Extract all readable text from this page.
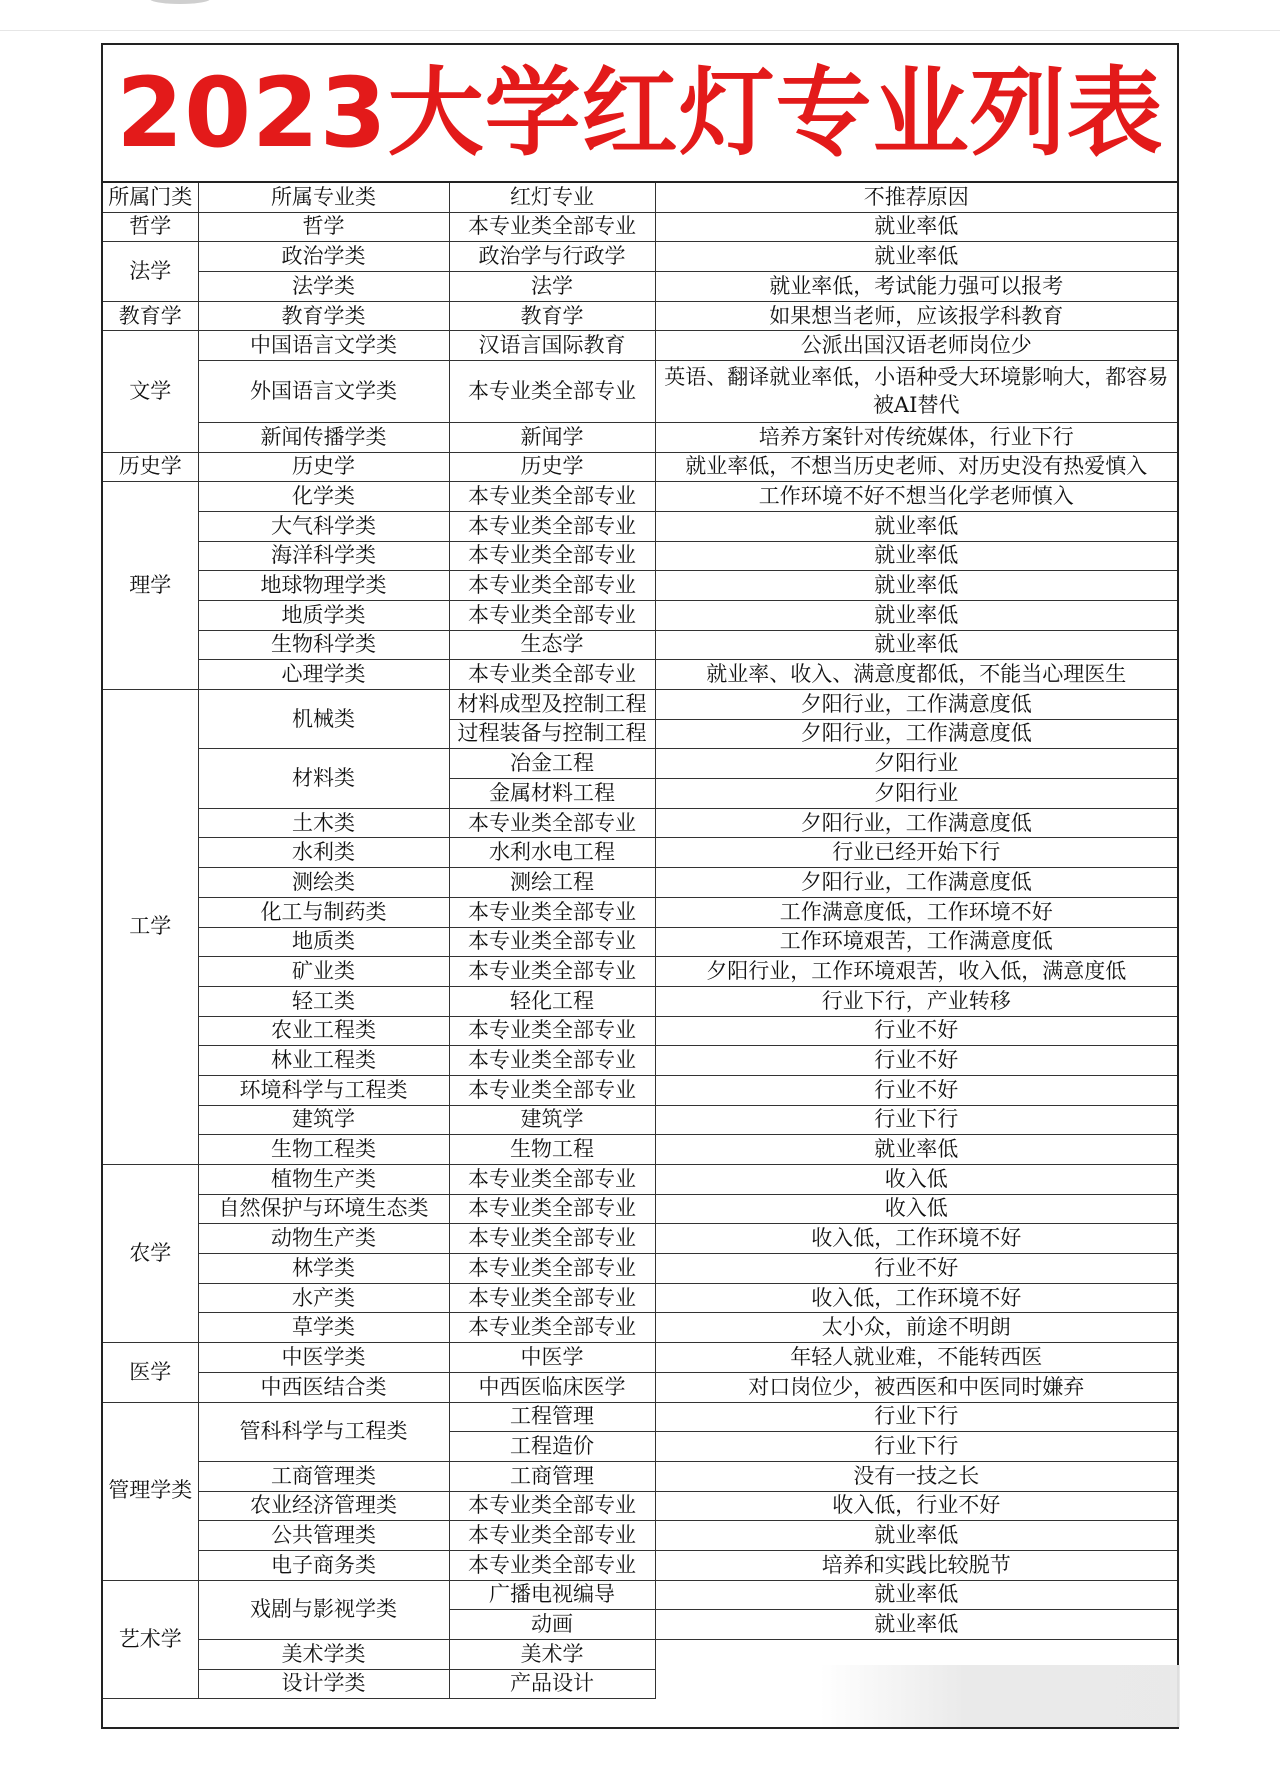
2023大学红灯专业列表
所属门类	所属专业类	红灯专业	不推荐原因
哲学	哲学	本专业类全部专业	就业率低
法学	政治学类	政治学与行政学	就业率低
	法学类	法学	就业率低，考试能力强可以报考
教育学	教育学类	教育学	如果想当老师，应该报学科教育
文学	中国语言文学类	汉语言国际教育	公派出国汉语老师岗位少
	外国语言文学类	本专业类全部专业	英语、翻译就业率低，小语种受大环境影响大，都容易被AI替代
	新闻传播学类	新闻学	培养方案针对传统媒体，行业下行
历史学	历史学	历史学	就业率低，不想当历史老师、对历史没有热爱慎入
理学	化学类	本专业类全部专业	工作环境不好不想当化学老师慎入
	大气科学类	本专业类全部专业	就业率低
	海洋科学类	本专业类全部专业	就业率低
	地球物理学类	本专业类全部专业	就业率低
	地质学类	本专业类全部专业	就业率低
	生物科学类	生态学	就业率低
	心理学类	本专业类全部专业	就业率、收入、满意度都低，不能当心理医生
工学	机械类	材料成型及控制工程	夕阳行业，工作满意度低
		过程装备与控制工程	夕阳行业，工作满意度低
	材料类	冶金工程	夕阳行业
		金属材料工程	夕阳行业
	土木类	本专业类全部专业	夕阳行业，工作满意度低
	水利类	水利水电工程	行业已经开始下行
	测绘类	测绘工程	夕阳行业，工作满意度低
	化工与制药类	本专业类全部专业	工作满意度低，工作环境不好
	地质类	本专业类全部专业	工作环境艰苦，工作满意度低
	矿业类	本专业类全部专业	夕阳行业，工作环境艰苦，收入低，满意度低
	轻工类	轻化工程	行业下行，产业转移
	农业工程类	本专业类全部专业	行业不好
	林业工程类	本专业类全部专业	行业不好
	环境科学与工程类	本专业类全部专业	行业不好
	建筑学	建筑学	行业下行
	生物工程类	生物工程	就业率低
农学	植物生产类	本专业类全部专业	收入低
	自然保护与环境生态类	本专业类全部专业	收入低
	动物生产类	本专业类全部专业	收入低，工作环境不好
	林学类	本专业类全部专业	行业不好
	水产类	本专业类全部专业	收入低，工作环境不好
	草学类	本专业类全部专业	太小众，前途不明朗
医学	中医学类	中医学	年轻人就业难，不能转西医
	中西医结合类	中西医临床医学	对口岗位少，被西医和中医同时嫌弃
管理学类	管科科学与工程类	工程管理	行业下行
		工程造价	行业下行
	工商管理类	工商管理	没有一技之长
	农业经济管理类	本专业类全部专业	收入低，行业不好
	公共管理类	本专业类全部专业	就业率低
	电子商务类	本专业类全部专业	培养和实践比较脱节
艺术学	戏剧与影视学类	广播电视编导	就业率低
		动画	就业率低
	美术学类	美术学	
	设计学类	产品设计	
